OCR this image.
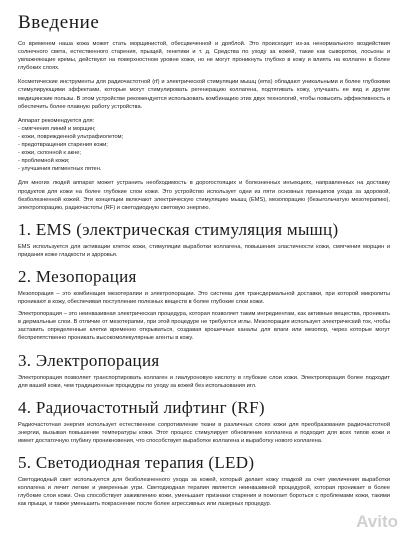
Введение

Со временем наша кожа может стать морщинистой, обесцвеченной и дряблой. Это происходит из-за ненормального воздействия солнечного света, естественного старения, прыщей, генетики и т. д. Средства по уходу за кожей, такие как сыворотки, лосьоны и увлажняющие кремы, действуют на поверхностном уровне кожи, но не могут проникнуть глубоко в кожу и влиять на коллаген в более глубоких слоях.

Косметические инструменты для радиочастотной (rf) и электрической стимуляции мышц (ems) обладают уникальными и более глубокими стимулирующими эффектами, которые могут стимулировать регенерацию коллагена, подтягивать кожу, улучшать ее вид и другие медицинские пользы. В этом устройстве рекомендуется использовать комбинацию этих двух технологий, чтобы повысить эффективность и обеспечить более плавную работу устройства.

Аппарат рекомендуется для:

- смягчения линий и морщин;
- кожи, поврежденной ультрафиолетом;
- предотвращения старения кожи;
- кожи, склонной к акне;
- проблемной кожи;
- улучшения пигментных пятен.

Для многих людей аппарат может устранить необходимость в дорогостоящих и болезненных инъекциях, направленных на доставку продуктов для кожи на более глубокие слои кожи. Это устройство использует одни из пяти основных принципов ухода за здоровой, безболезненной кожей. Эти концепции включают электрическую стимуляцию мышц (EMS), мезопорацию (безыгольчатую мезотерапию), электропорацию, радиочастоты (RF) и светодиодную световую энергию.

1. EMS (электрическая стимуляция мышц)

EMS используется для активации клеток кожи, стимуляции выработки коллагена, повышения эластичности кожи, смягчения морщин и придания коже гладкости и здоровья.

2. Мезопорация

Мезопорация – это комбинация мезотерапии и электропорации. Это система для трансдермальной доставки, при которой микролиты проникают в кожу, обеспечивая поступление полезных веществ в более глубокие слои кожи.

Электропорация – это неинвазивная электрическая процедура, которая позволяет таким ингредиентам, как активные вещества, проникать в дермальные слои. В отличие от мезотерапии, при этой процедуре не требуются иглы. Мезопорация использует электрический ток, чтобы заставить определенные клетки временно открываться, создавая крошечные каналы для влаги или мезопор, через которые могут беспрепятственно проникать высокомолекулярные агенты в кожу.

3. Электропорация

Электропорация позволяет транспортировать коллаген и гиалуроновую кислоту в глубокие слои кожи. Электропорация более подходит для вашей кожи, чем традиционные процедуры по уходу за кожей без использования игл.

4. Радиочастотный лифтинг (RF)

Радиочастотная энергия использует естественное сопротивление ткани в различных слоях кожи для преобразования радиочастотной энергии, вызывая повышение температуры кожи. Этот процесс стимулирует обновление коллагена и подходит для всех типов кожи и имеет достаточную глубину проникновения, что способствует выработке коллагена и выработку нового коллагена.

5. Светодиодная терапия (LED)

Светодиодный свет используется для безболезненного ухода за кожей, который делает кожу гладкой за счет увеличения выработки коллагена и лечит легкие и умеренные угри. Светодиодная терапия является неинвазивной процедурой, которая проникает в более глубокие слои кожи. Она способствует заживлению кожи, уменьшает признаки старения и помогает бороться с проблемами кожи, такими как прыщи, и также уменьшить покраснение после более агрессивных или лазерных процедур.

Avito
